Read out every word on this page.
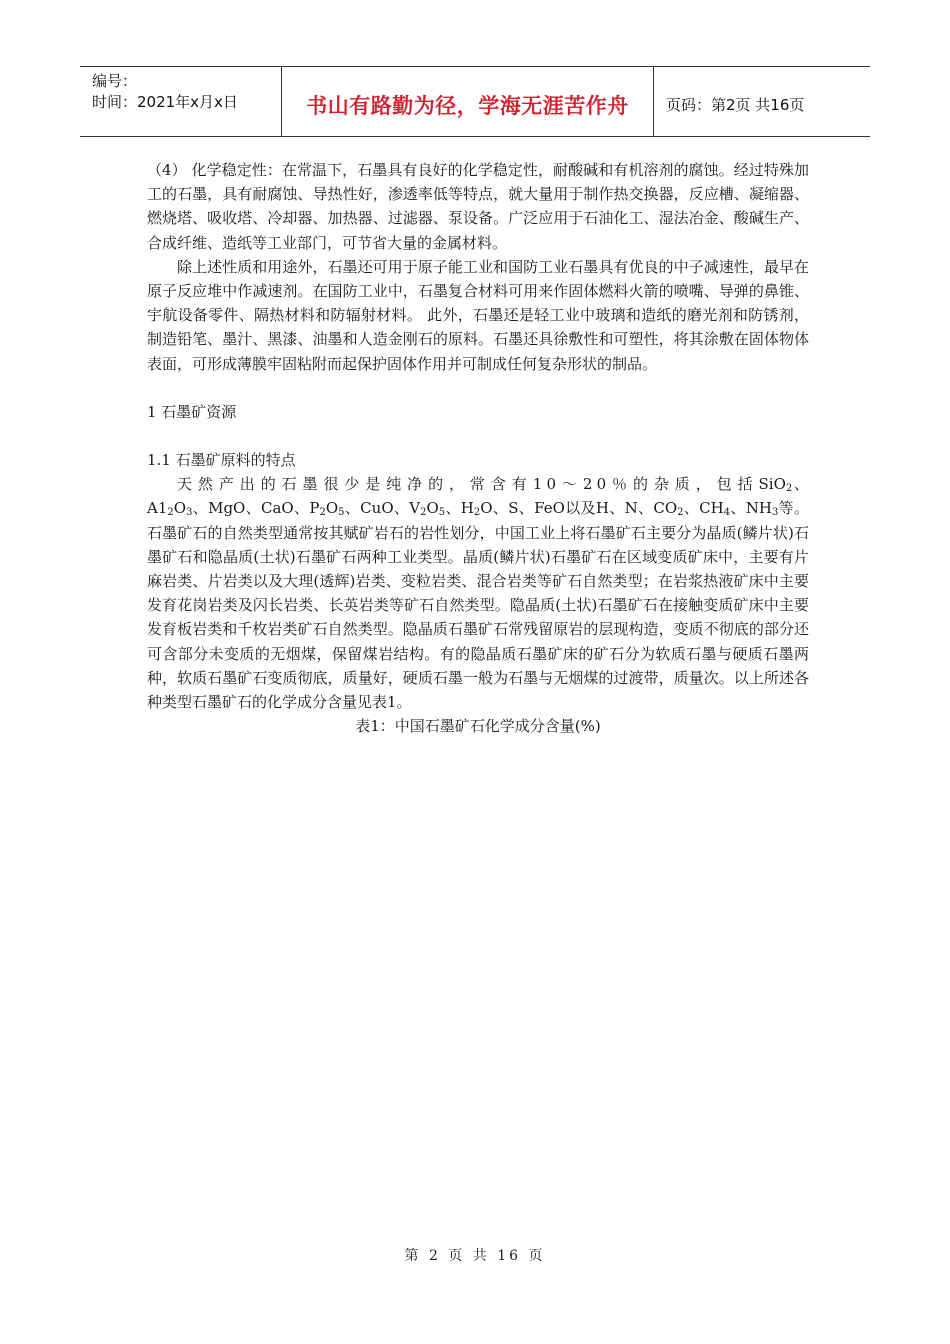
编号：
时间：2021年x月x日	书山有路勤为径，学海无涯苦作舟	页码：第2页 共16页

（4） 化学稳定性：在常温下，石墨具有良好的化学稳定性，耐酸碱和有机溶剂的腐蚀。经过特殊加工的石墨，具有耐腐蚀、导热性好，渗透率低等特点，就大量用于制作热交换器，反应槽、凝缩器、燃烧塔、吸收塔、冷却器、加热器、过滤器、泵设备。广泛应用于石油化工、湿法冶金、酸碱生产、合成纤维、造纸等工业部门，可节省大量的金属材料。

除上述性质和用途外，石墨还可用于原子能工业和国防工业石墨具有优良的中子减速性，最早在原子反应堆中作减速剂。在国防工业中，石墨复合材料可用来作固体燃料火箭的喷嘴、导弹的鼻锥、宇航设备零件、隔热材料和防辐射材料。 此外，石墨还是轻工业中玻璃和造纸的磨光剂和防锈剂，制造铅笔、墨汁、黑漆、油墨和人造金刚石的原料。石墨还具徐敷性和可塑性，将其涂敷在固体物体表面，可形成薄膜牢固粘附而起保护固体作用并可制成任何复杂形状的制品。

1 石墨矿资源

1.1 石墨矿原料的特点

天然产出的石墨很少是纯净的，常含有10～20％的杂质，包括SiO$_2$、$A1_2O_3$、MgO、CaO、$P_2O_5$、CuO、$V_2O_5$、$H_2O$、S、FeO以及H、N、$CO_2$、$CH_4$、$NH_3$等。石墨矿石的自然类型通常按其赋矿岩石的岩性划分，中国工业上将石墨矿石主要分为晶质(鳞片状)石墨矿石和隐晶质(土状)石墨矿石两种工业类型。晶质(鳞片状)石墨矿石在区域变质矿床中，主要有片麻岩类、片岩类以及大理(透辉)岩类、变粒岩类、混合岩类等矿石自然类型；在岩浆热液矿床中主要发育花岗岩类及闪长岩类、长英岩类等矿石自然类型。隐晶质(土状)石墨矿石在接触变质矿床中主要发育板岩类和千枚岩类矿石自然类型。隐晶质石墨矿石常残留原岩的层现构造，变质不彻底的部分还可含部分未变质的无烟煤，保留煤岩结构。有的隐晶质石墨矿床的矿石分为软质石墨与硬质石墨两种，软质石墨矿石变质彻底，质量好，硬质石墨一般为石墨与无烟煤的过渡带，质量次。以上所述各种类型石墨矿石的化学成分含量见表1。

表1：中国石墨矿石化学成分含量(%)

第 2 页 共 16 页
